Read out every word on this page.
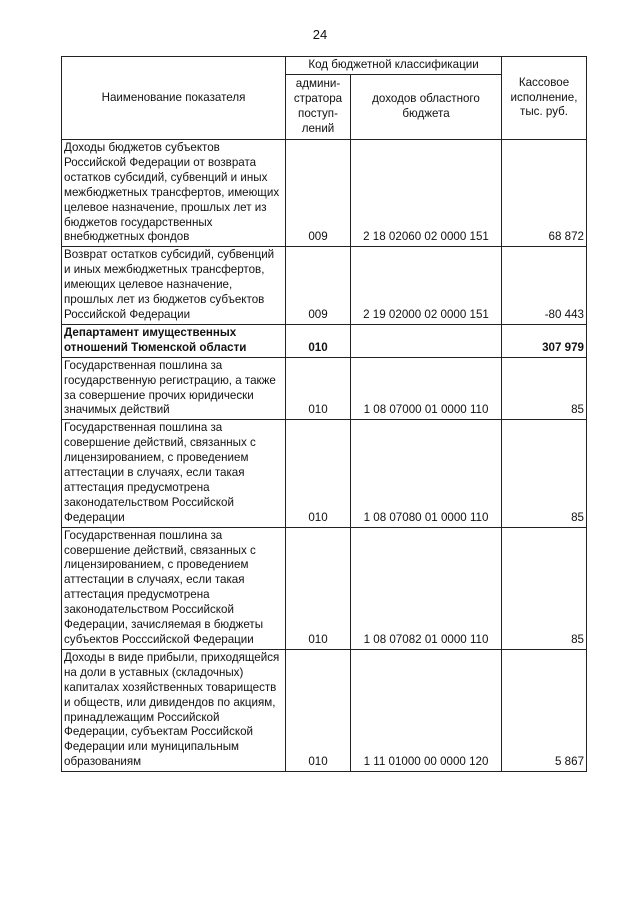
24
Наименование показателя	Код бюджетной классификации		Кассовое исполнение, тыс. руб.
	админи-стратора поступ-лений	доходов областного бюджета	
Доходы бюджетов субъектов Российской Федерации от возврата остатков субсидий, субвенций и иных межбюджетных трансфертов, имеющих целевое назначение, прошлых лет из бюджетов государственных внебюджетных фондов	009	2 18 02060 02 0000 151	68 872
Возврат остатков субсидий, субвенций и иных межбюджетных трансфертов, имеющих целевое назначение, прошлых лет из бюджетов субъектов Российской Федерации	009	2 19 02000 02 0000 151	-80 443
Департамент имущественных отношений Тюменской области	010		307 979
Государственная пошлина за государственную регистрацию, а также за совершение прочих юридически значимых действий	010	1 08 07000 01 0000 110	85
Государственная пошлина за совершение действий, связанных с лицензированием, с проведением аттестации в случаях, если такая аттестация предусмотрена законодательством Российской Федерации	010	1 08 07080 01 0000 110	85
Государственная пошлина за совершение действий, связанных с лицензированием, с проведением аттестации в случаях, если такая аттестация предусмотрена законодательством Российской Федерации, зачисляемая в бюджеты субъектов Росссийской Федерации	010	1 08 07082 01 0000 110	85
Доходы в виде прибыли, приходящейся на доли в уставных (складочных) капиталах хозяйственных товариществ и обществ, или дивидендов по акциям, принадлежащим Российской Федерации, субъектам Российской Федерации или муниципальным образованиям	010	1 11 01000 00 0000 120	5 867
